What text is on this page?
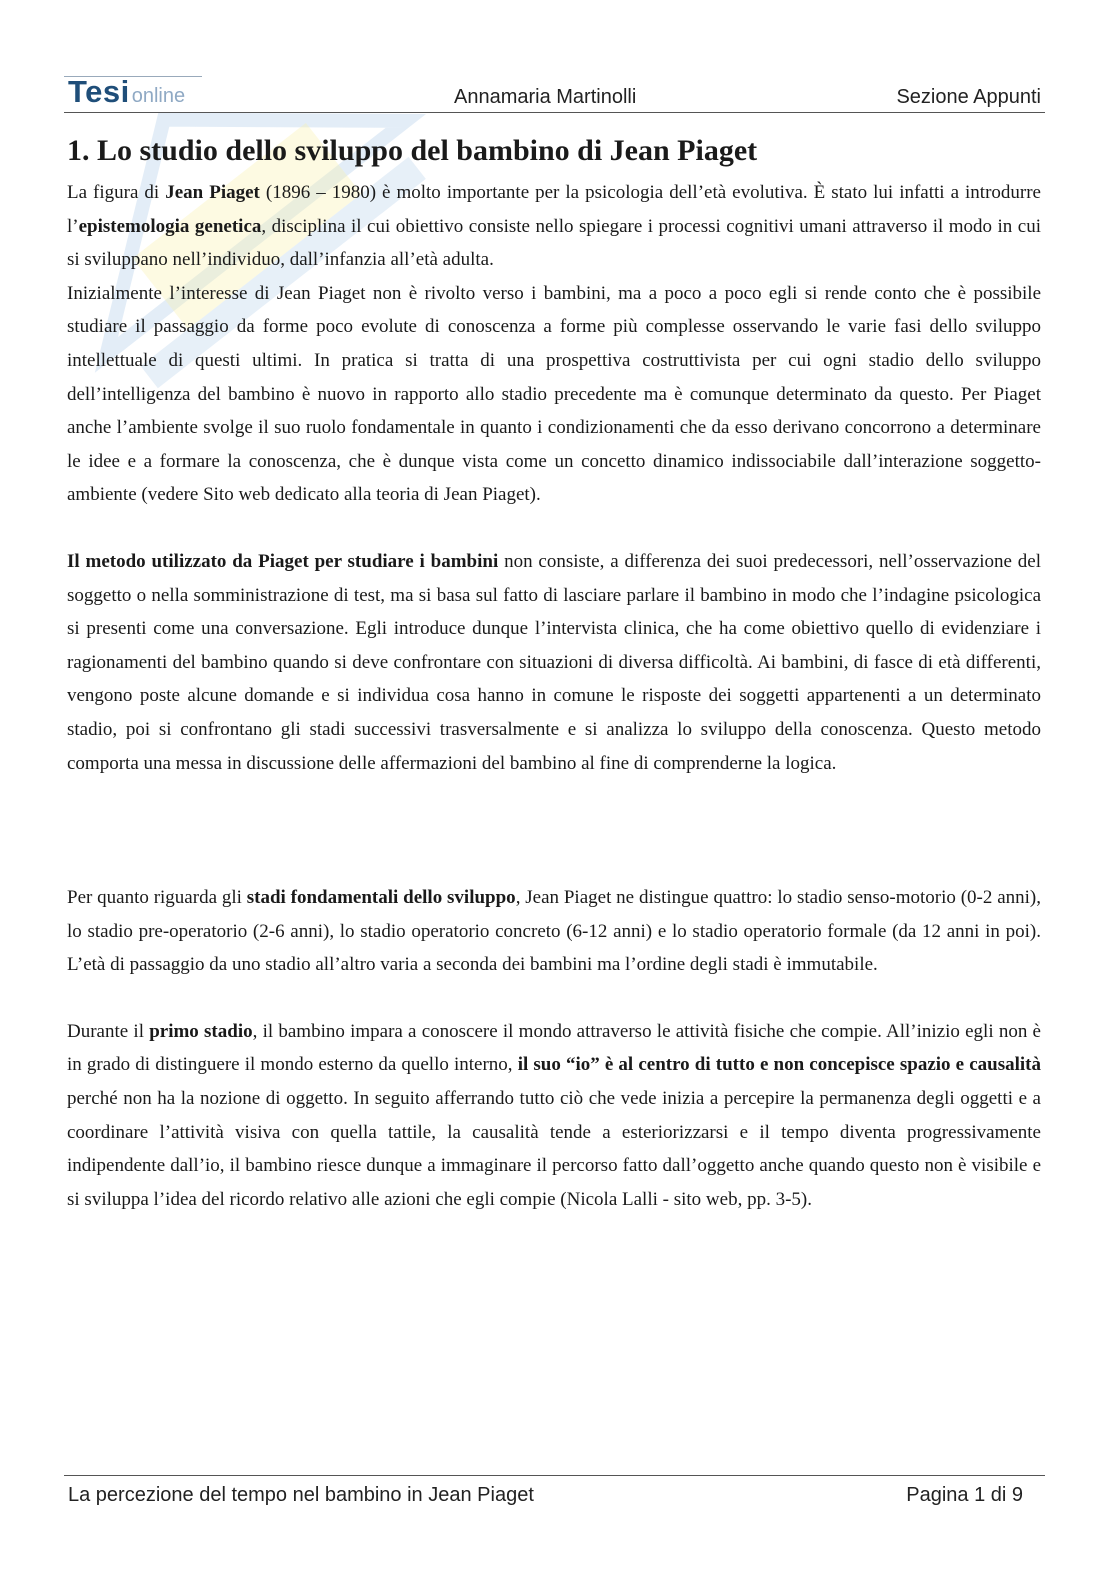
Tesi online	Annamaria Martinolli	Sezione Appunti
1. Lo studio dello sviluppo del bambino di Jean Piaget

La figura di Jean Piaget (1896 – 1980) è molto importante per la psicologia dell’età evolutiva. È stato lui infatti a introdurre l’epistemologia genetica, disciplina il cui obiettivo consiste nello spiegare i processi cognitivi umani attraverso il modo in cui si sviluppano nell’individuo, dall’infanzia all’età adulta.

Inizialmente l’interesse di Jean Piaget non è rivolto verso i bambini, ma a poco a poco egli si rende conto che è possibile studiare il passaggio da forme poco evolute di conoscenza a forme più complesse osservando le varie fasi dello sviluppo intellettuale di questi ultimi. In pratica si tratta di una prospettiva costruttivista per cui ogni stadio dello sviluppo dell’intelligenza del bambino è nuovo in rapporto allo stadio precedente ma è comunque determinato da questo. Per Piaget anche l’ambiente svolge il suo ruolo fondamentale in quanto i condizionamenti che da esso derivano concorrono a determinare le idee e a formare la conoscenza, che è dunque vista come un concetto dinamico indissociabile dall’interazione soggetto-ambiente (vedere Sito web dedicato alla teoria di Jean Piaget).

Il metodo utilizzato da Piaget per studiare i bambini non consiste, a differenza dei suoi predecessori, nell’osservazione del soggetto o nella somministrazione di test, ma si basa sul fatto di lasciare parlare il bambino in modo che l’indagine psicologica si presenti come una conversazione. Egli introduce dunque l’intervista clinica, che ha come obiettivo quello di evidenziare i ragionamenti del bambino quando si deve confrontare con situazioni di diversa difficoltà. Ai bambini, di fasce di età differenti, vengono poste alcune domande e si individua cosa hanno in comune le risposte dei soggetti appartenenti a un determinato stadio, poi si confrontano gli stadi successivi trasversalmente e si analizza lo sviluppo della conoscenza. Questo metodo comporta una messa in discussione delle affermazioni del bambino al fine di comprenderne la logica.

Per quanto riguarda gli stadi fondamentali dello sviluppo, Jean Piaget ne distingue quattro: lo stadio senso-motorio (0-2 anni), lo stadio pre-operatorio (2-6 anni), lo stadio operatorio concreto (6-12 anni) e lo stadio operatorio formale (da 12 anni in poi). L’età di passaggio da uno stadio all’altro varia a seconda dei bambini ma l’ordine degli stadi è immutabile.

Durante il primo stadio, il bambino impara a conoscere il mondo attraverso le attività fisiche che compie. All’inizio egli non è in grado di distinguere il mondo esterno da quello interno, il suo “io” è al centro di tutto e non concepisce spazio e causalità perché non ha la nozione di oggetto. In seguito afferrando tutto ciò che vede inizia a percepire la permanenza degli oggetti e a coordinare l’attività visiva con quella tattile, la causalità tende a esteriorizzarsi e il tempo diventa progressivamente indipendente dall’io, il bambino riesce dunque a immaginare il percorso fatto dall’oggetto anche quando questo non è visibile e si sviluppa l’idea del ricordo relativo alle azioni che egli compie (Nicola Lalli - sito web, pp. 3-5).

La percezione del tempo nel bambino in Jean Piaget	Pagina 1 di 9
